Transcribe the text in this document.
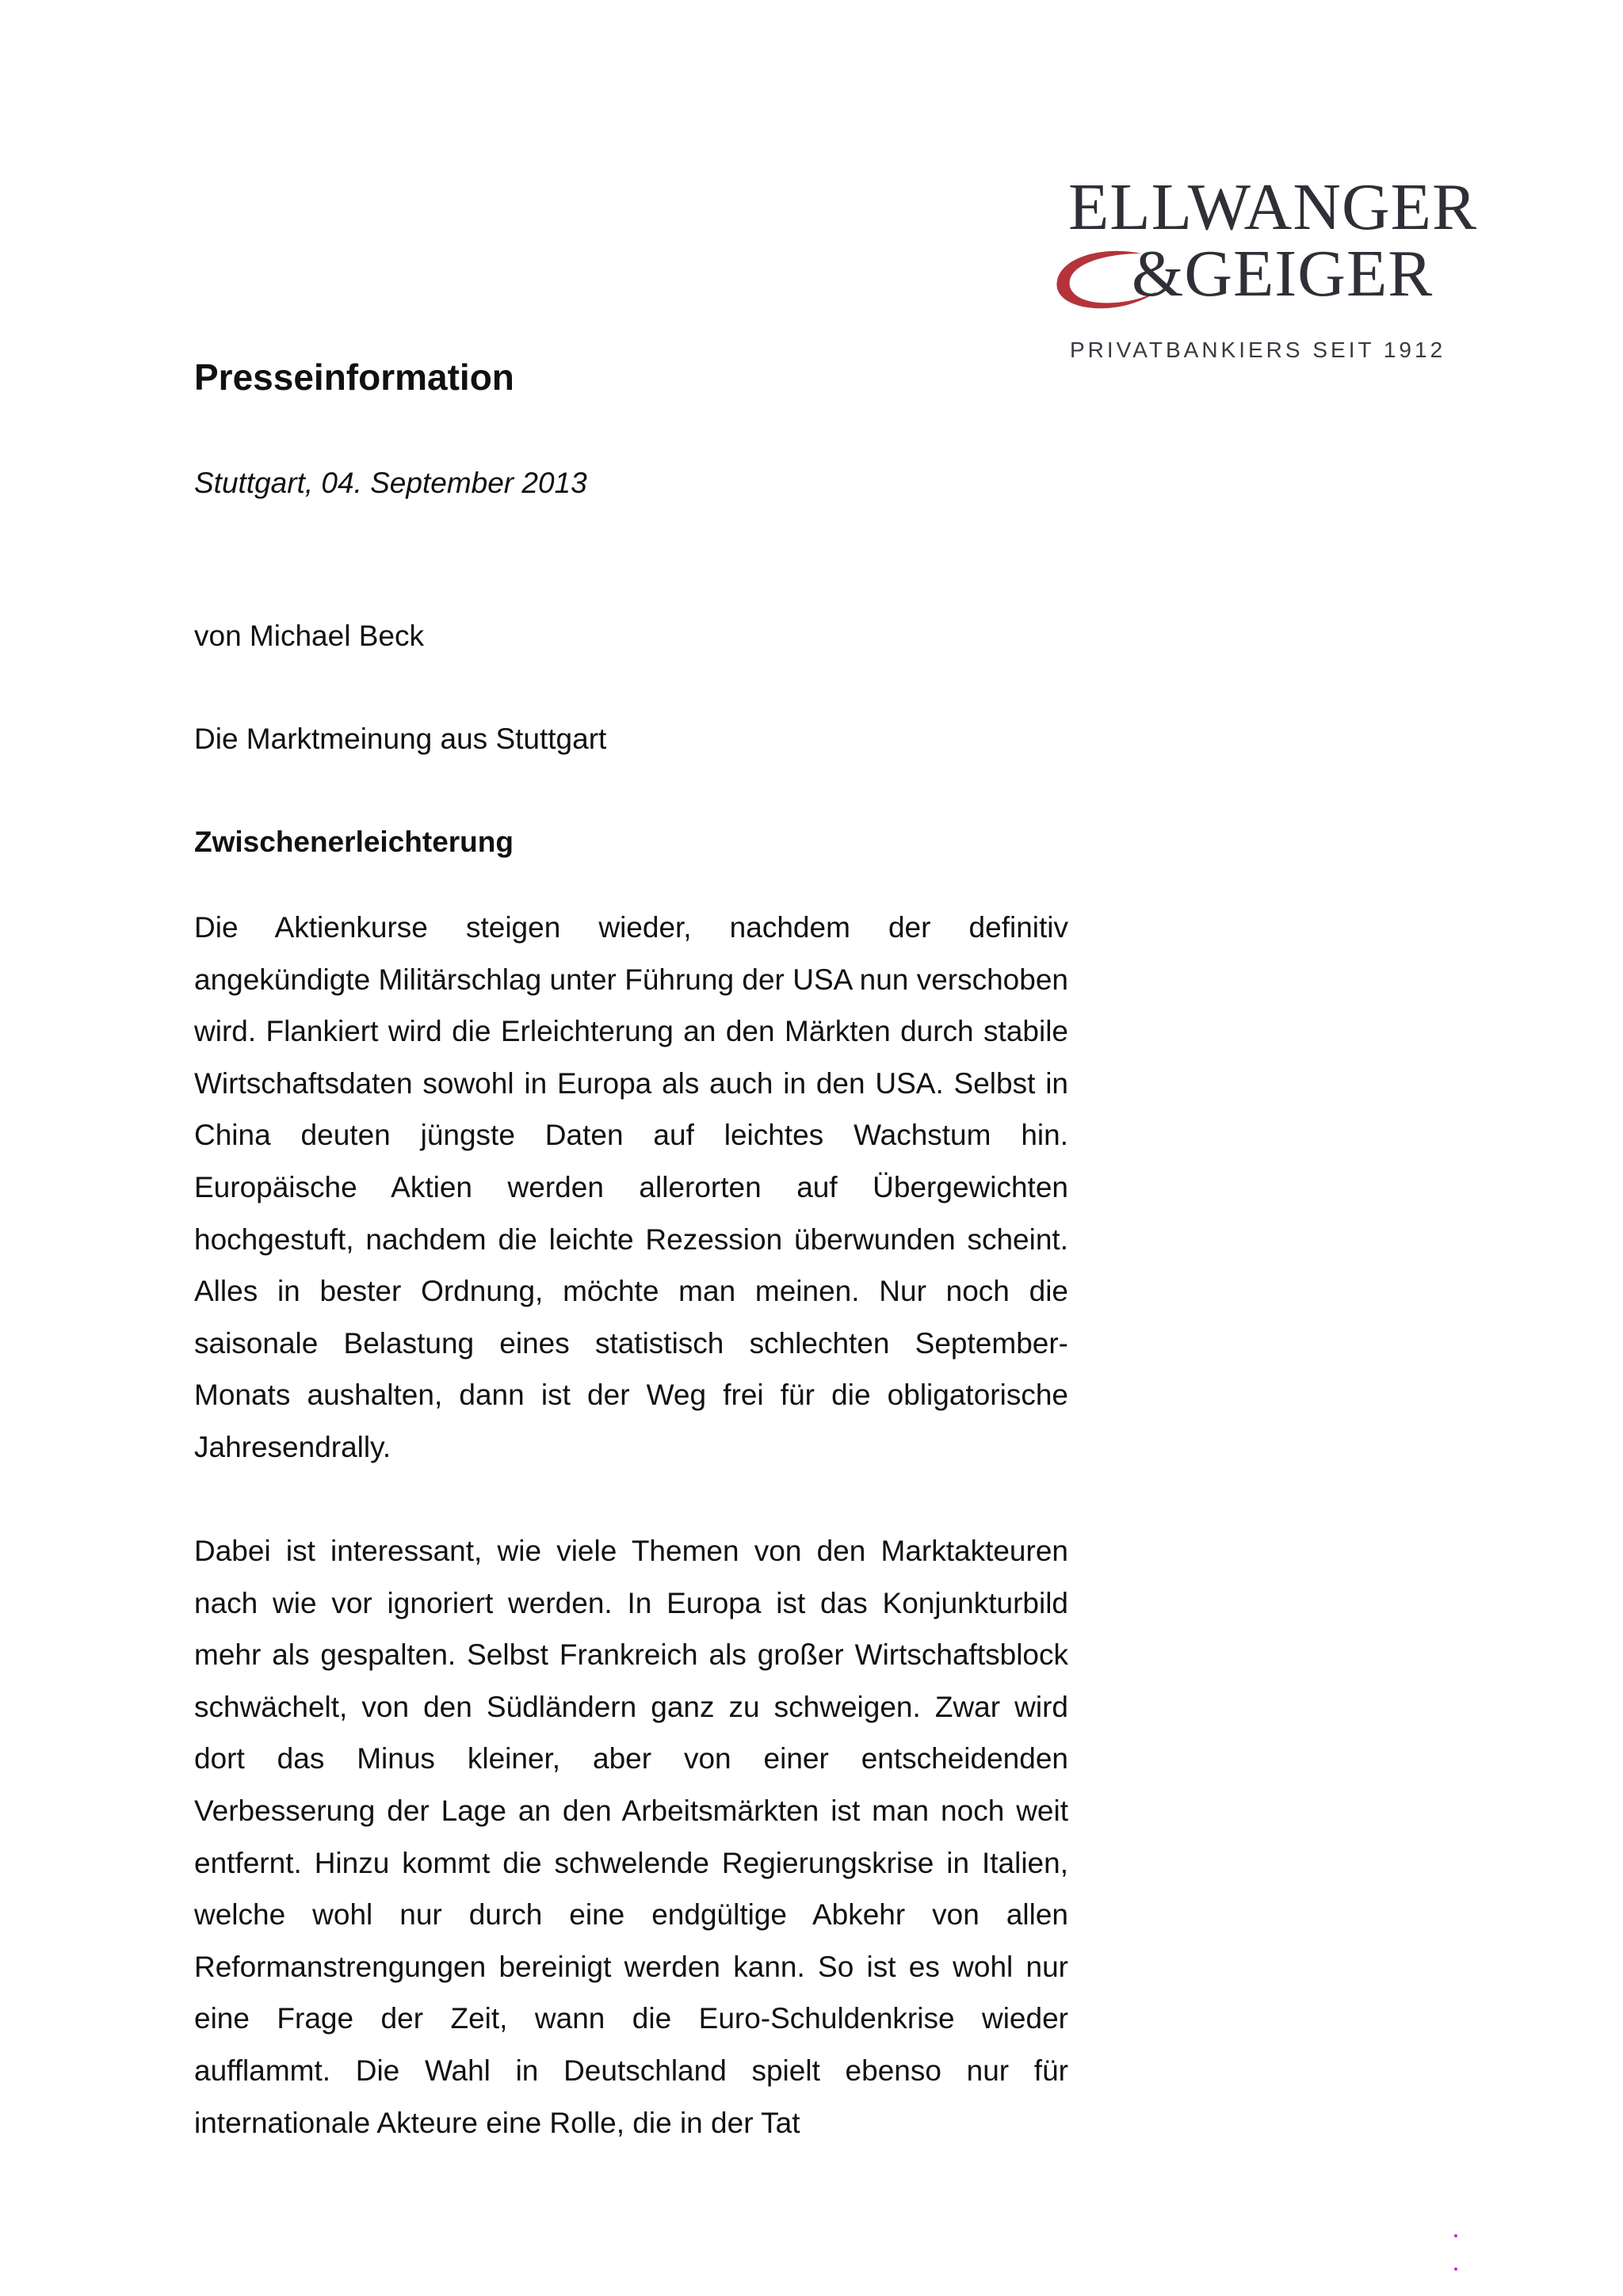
ELLWANGER
&GEIGER
PRIVATBANKIERS SEIT 1912
Presseinformation
Stuttgart, 04. September 2013
von Michael Beck
Die Marktmeinung aus Stuttgart
Zwischenerleichterung

Die Aktienkurse steigen wieder, nachdem der definitiv angekündigte Militärschlag unter Führung der USA nun verschoben wird. Flankiert wird die Erleichterung an den Märkten durch stabile Wirtschaftsdaten sowohl in Europa als auch in den USA. Selbst in China deuten jüngste Daten auf leichtes Wachstum hin. Europäische Aktien werden allerorten auf Übergewichten hochgestuft, nachdem die leichte Rezession überwunden scheint. Alles in bester Ordnung, möchte man meinen. Nur noch die saisonale Belastung eines statistisch schlechten September-Monats aushalten, dann ist der Weg frei für die obligatorische Jahresendrally.

Dabei ist interessant, wie viele Themen von den Marktakteuren nach wie vor ignoriert werden. In Europa ist das Konjunkturbild mehr als gespalten. Selbst Frankreich als großer Wirtschaftsblock schwächelt, von den Südländern ganz zu schweigen. Zwar wird dort das Minus kleiner, aber von einer entscheidenden Verbesserung der Lage an den Arbeitsmärkten ist man noch weit entfernt. Hinzu kommt die schwelende Regierungskrise in Italien, welche wohl nur durch eine endgültige Abkehr von allen Reformanstrengungen bereinigt werden kann. So ist es wohl nur eine Frage der Zeit, wann die Euro-Schuldenkrise wieder aufflammt. Die Wahl in Deutschland spielt ebenso nur für internationale Akteure eine Rolle, die in der Tat
